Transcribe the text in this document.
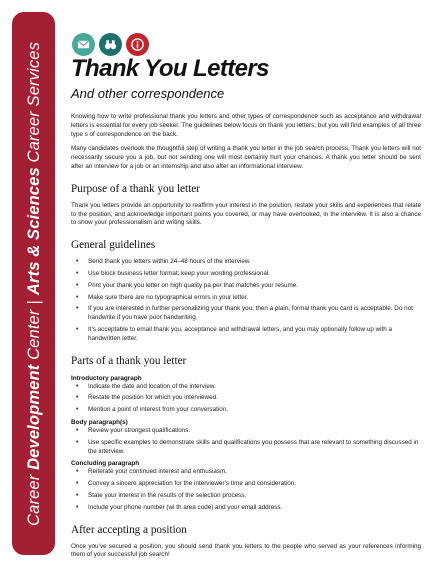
Career Development Center|Arts & Sciences Career Services Thank You Letters
And other correspondence

Knowing how to write professional thank you letters and other types of correspondence such as acceptance and withdrawal letters is essential for every job seeker. The guidelines below focus on thank you letters, but you will find examples of all three type s of correspondence on the back.

Many candidates overlook the thoughtful step of writing a thank you letter in the job search process. Thank you letters will not necessarily secure you a job, but not sending one will most certainly hurt your chances. A thank you letter should be sent after an interview for a job or an internship and also after an informational interview.

Purpose of a thank you letter

Thank you letters provide an opportunity to reaffirm your interest in the position, restate your skills and experiences that relate to the position, and acknowledge important points you covered, or may have overlooked, in the interview. It is also a chance to show your professionalism and writing skills.

General guidelines
• Send thank you letters within 24–48 hours of the interview.
• Use block business letter format; keep your wording professional.
• Print your thank you letter on high quality pa per that matches your resume.
• Make sure there are no typographical errors in your letter.
• If you are interested in further personalizing your thank you, then a plain, formal thank you card is acceptable. Do not handwrite if you have poor handwriting.
• It’s acceptable to email thank you, acceptance and withdrawal letters, and you may optionally follow up with a handwritten letter.
Parts of a thank you letter
Introductory paragraph
• Indicate the date and location of the interview.
• Restate the position for which you interviewed.
• Mention a point of interest from your conversation.
Body paragraph(s)
• Review your strongest qualifications.
• Use specific examples to demonstrate skills and qualifications you possess that are relevant to something discussed in the interview.
Concluding paragraph
• Reiterate your continued interest and enthusiasm.
• Convey a sincere appreciation for the interviewer’s time and consideration.
• State your interest in the results of the selection process.
• Include your phone number (wi th area code) and your email address.
After accepting a position

Once you’ve secured a position, you should send thank you letters to the people who served as your references informing them of your successful job search!
